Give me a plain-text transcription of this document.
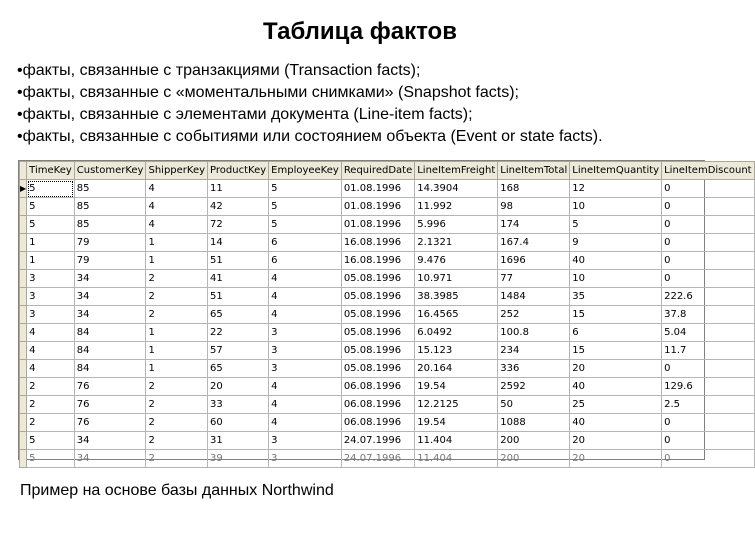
Таблица фактов
• факты, связанные с транзакциями (Transaction facts);
• факты, связанные с «моментальными снимками» (Snapshot facts);
• факты, связанные с элементами документа (Line-item facts);
• факты, связанные с событиями или состоянием объекта (Event or state facts).
	TimeKey	CustomerKey	ShipperKey	ProductKey	EmployeeKey	RequiredDate	LineItemFreight	LineItemTotal	LineItemQuantity	LineItemDiscount
▶	5	85	4	11	5	01.08.1996	14.3904	168	12	0
	5	85	4	42	5	01.08.1996	11.992	98	10	0
	5	85	4	72	5	01.08.1996	5.996	174	5	0
	1	79	1	14	6	16.08.1996	2.1321	167.4	9	0
	1	79	1	51	6	16.08.1996	9.476	1696	40	0
	3	34	2	41	4	05.08.1996	10.971	77	10	0
	3	34	2	51	4	05.08.1996	38.3985	1484	35	222.6
	3	34	2	65	4	05.08.1996	16.4565	252	15	37.8
	4	84	1	22	3	05.08.1996	6.0492	100.8	6	5.04
	4	84	1	57	3	05.08.1996	15.123	234	15	11.7
	4	84	1	65	3	05.08.1996	20.164	336	20	0
	2	76	2	20	4	06.08.1996	19.54	2592	40	129.6
	2	76	2	33	4	06.08.1996	12.2125	50	25	2.5
	2	76	2	60	4	06.08.1996	19.54	1088	40	0
	5	34	2	31	3	24.07.1996	11.404	200	20	0
	5	34	2	39	3	24.07.1996	11.404	200	20	0
Пример на основе базы данных Northwind
